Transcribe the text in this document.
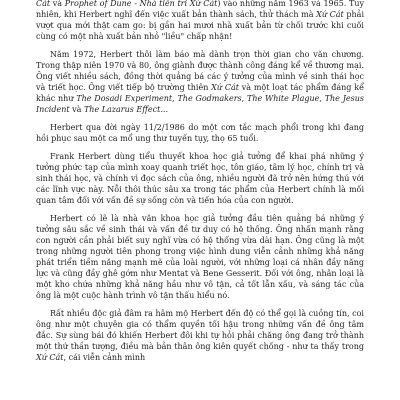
Cát và Prophet of Dune - Nhà tiên tri Xứ Cát) vào những năm 1963 và 1965. Tuy nhiên, khi Herbert nghĩ đến việc xuất bản thành sách, thử thách mà Xứ Cát phải vượt qua mới thật cam go: bị gần hai mươi nhà xuất bản từ chối trước khi cuối cùng có một nhà xuất bản nhỏ "liều" chấp nhận!

Năm 1972, Herbert thôi làm báo mà dành trọn thời gian cho văn chương. Trong thập niên 1970 và 80, ông giành được thành công đáng kể về thương mại. Ông viết nhiều sách, đồng thời quảng bá các ý tưởng của mình về sinh thái học và triết học. Ông viết tiếp bộ trường thiên Xứ Cát và một loạt tác phẩm đáng kể khác như The Dosadi Experiment, The Godmakers, The White Plague, The Jesus Incident và The Lazarus Effect...

Herbert qua đời ngày 11/2/1986 do một cơn tắc mạch phổi trong khi đang hồi phục sau một ca mổ ung thư tuyến tụy, thọ 65 tuổi.

Frank Herbert dùng tiểu thuyết khoa học giả tưởng để khai phá những ý tưởng phức tạp của mình xoay quanh triết học, tôn giáo, tâm lý học, chính trị và sinh thái học, và chính vì đọc sách của ông, nhiều người đã trở nên hứng thú với các lĩnh vực này. Nỗi thôi thúc sâu xa trong tác phẩm của Herbert chính là mối quan tâm đối với vấn đề sự sống còn và tiến hóa của con người.

Herbert có lẽ là nhà văn khoa học giả tưởng đầu tiên quảng bá những ý tưởng sâu sắc về sinh thái và vấn đề tư duy có hệ thống. Ông nhấn mạnh rằng con người cần phải biết suy nghĩ vừa có hệ thống vừa dài hạn. Ông cũng là một trong những người tiên phong trong việc hình dung viễn cảnh những khả năng phát triển tiềm năng mạnh mẽ của loài người, với những loại cá nhân đầy năng lực và cũng đầy ghê gớm như Mentat và Bene Gesserit. Đối với ông, nhân loại là một kho chứa những khả năng hầu như vô tận, cả tốt lẫn xấu, và sáng tác của ông là một cuộc hành trình vô tận thấu hiểu nó.

Rất nhiều độc giả đâm ra hâm mộ Herbert đến độ có thể gọi là cuồng tín, coi ông như một chuyên gia có thẩm quyền tối hậu trong những vấn đề ông tâm đắc. Sự sùng bái đó khiến Herbert đôi khi tự hỏi phải chăng ông đang trở thành một thứ thần tượng, điều mà bản thân ông kiên quyết chống - như ta thấy trong Xứ Cát, cái viễn cảnh mình
